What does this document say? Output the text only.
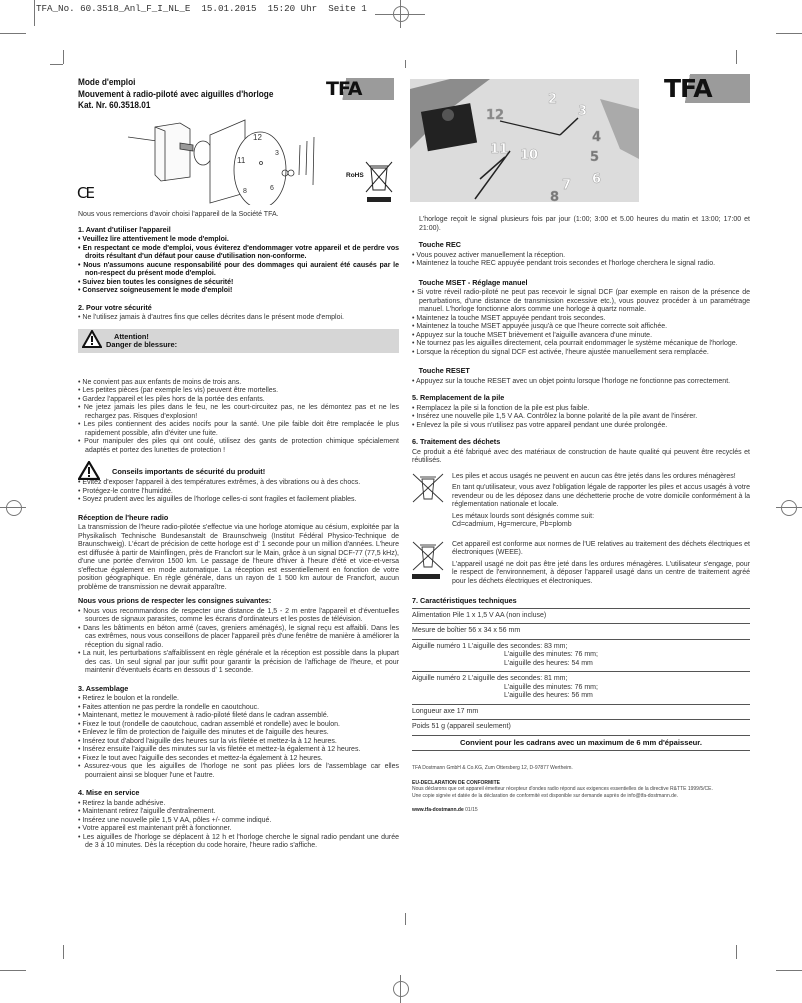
TFA_No. 60.3518_Anl_F_I_NL_E  15.01.2015  15:20 Uhr  Seite 1
Mode d'emploi
Mouvement à radio-piloté avec aiguilles d'horloge
Kat. Nr. 60.3518.01
TFA	TFA
11
12
3
6
8
CE
RoHS
12
2
3
4
5
6
7
10
11
8

Nous vous remercions d'avoir choisi l'appareil de la Société TFA.

1. Avant d'utiliser l'appareil
• Veuillez lire attentivement le mode d'emploi.
• En respectant ce mode d'emploi, vous éviterez d'endommager votre appareil et de perdre vos droits résultant d'un défaut pour cause d'utilisation non-conforme.
• Nous n'assumons aucune responsabilité pour des dommages qui auraient été causés par le non-respect du présent mode d'emploi.
• Suivez bien toutes les consignes de sécurité!
• Conservez soigneusement le mode d'emploi!
2. Pour votre sécurité
• Ne l'utilisez jamais à d'autres fins que celles décrites dans le présent mode d'emploi.
Attention!
Danger de blessure:
• Ne convient pas aux enfants de moins de trois ans.
• Les petites pièces (par exemple les vis) peuvent être mortelles.
• Gardez l'appareil et les piles hors de la portée des enfants.
• Ne jetez jamais les piles dans le feu, ne les court-circuitez pas, ne les démontez pas et ne les rechargez pas. Risques d'explosion!
• Les piles contiennent des acides nocifs pour la santé. Une pile faible doit être remplacée le plus rapidement possible, afin d'éviter une fuite.
• Pour manipuler des piles qui ont coulé, utilisez des gants de protection chimique spécialement adaptés et portez des lunettes de protection !
Conseils importants de sécurité du produit!
• Évitez d'exposer l'appareil à des températures extrêmes, à des vibrations ou à des chocs.
• Protégez-le contre l'humidité.
• Soyez prudent avec les aiguilles de l'horloge celles-ci sont fragiles et facilement pliables.
Réception de l'heure radio

La transmission de l'heure radio-pilotée s'effectue via une horloge atomique au césium, exploitée par la Physikalisch Technische Bundesanstalt de Braunschweig (Institut Fédéral Physico-Technique de Braunschweig). L'écart de précision de cette horloge est d' 1 seconde pour un million d'années. L'heure est diffusée à partir de Mainflingen, près de Francfort sur le Main, grâce à un signal DCF-77 (77,5 kHz), d'une une portée d'environ 1500 km. Le passage de l'heure d'hiver à l'heure d'été et vice-et-versa s'effectue également en mode automatique. La réception est essentiellement en fonction de votre position géographique. En règle générale, dans un rayon de 1 500 km autour de Francfort, aucun problème de transmission ne devrait apparaître.

Nous vous prions de respecter les consignes suivantes:
• Nous vous recommandons de respecter une distance de 1,5 - 2 m entre l'appareil et d'éventuelles sources de signaux parasites, comme les écrans d'ordinateurs et les postes de télévision.
• Dans les bâtiments en béton armé (caves, greniers aménagés), le signal reçu est affaibli. Dans les cas extrêmes, nous vous conseillons de placer l'appareil près d'une fenêtre de manière à améliorer la réception du signal radio.
• La nuit, les perturbations s'affaiblissent en règle générale et la réception est possible dans la plupart des cas. Un seul signal par jour suffit pour garantir la précision de l'affichage de l'heure, et pour maintenir d'éventuels écarts en dessous d' 1 seconde.
3. Assemblage
• Retirez le boulon et la rondelle.
• Faites attention ne pas perdre la rondelle en caoutchouc.
• Maintenant, mettez le mouvement à radio-piloté fileté dans le cadran assemblé.
• Fixez le tout (rondelle de caoutchouc, cadran assemblé et rondelle) avec le boulon.
• Enlevez le film de protection de l'aiguille des minutes et de l'aiguille des heures.
• Insérez tout d'abord l'aiguille des heures sur la vis filetée et mettez-la à 12 heures.
• Insérez ensuite l'aiguille des minutes sur la vis filetée et mettez-la également à 12 heures.
• Fixez le tout avec l'aiguille des secondes et mettez-la également à 12 heures.
• Assurez-vous que les aiguilles de l'horloge ne sont pas pliées lors de l'assemblage car elles pourraient ainsi se bloquer l'une et l'autre.
4. Mise en service
• Retirez la bande adhésive.
• Maintenant retirez l'aiguille d'entraînement.
• Insérez une nouvelle pile 1,5 V AA, pôles +/- comme indiqué.
• Votre appareil est maintenant prêt à fonctionner.
• Les aiguilles de l'horloge se déplacent à 12 h et l'horloge cherche le signal radio pendant une durée de 3 à 10 minutes. Dès la réception du code horaire, l'heure radio s'affiche.

L'horloge reçoit le signal plusieurs fois par jour (1:00; 3:00 et 5.00 heures du matin et 13:00; 17:00 et 21:00).

Touche REC
• Vous pouvez activer manuellement la réception.
• Maintenez la touche REC appuyée pendant trois secondes et l'horloge cherchera le signal radio.
Touche MSET - Réglage manuel
• Si votre réveil radio-piloté ne peut pas recevoir le signal DCF (par exemple en raison de la présence de perturbations, d'une distance de transmission excessive etc.), vous pouvez procéder à un paramétrage manuel. L'horloge fonctionne alors comme une horloge à quartz normale.
• Maintenez la touche MSET appuyée pendant trois secondes.
• Maintenez la touche MSET appuyée jusqu'à ce que l'heure correcte soit affichée.
• Appuyez sur la touche MSET brièvement et l'aiguille avancera d'une minute.
• Ne tournez pas les aiguilles directement, cela pourrait endommager le système mécanique de l'horloge.
• Lorsque la réception du signal DCF est activée, l'heure ajustée manuellement sera remplacée.
Touche RESET
• Appuyez sur la touche RESET avec un objet pointu lorsque l'horloge ne fonctionne pas correctement.
5. Remplacement de la pile
• Remplacez la pile si la fonction de la pile est plus faible.
• Insérez une nouvelle pile 1,5 V AA. Contrôlez la bonne polarité de la pile avant de l'insérer.
• Enlevez la pile si vous n'utilisez pas votre appareil pendant une durée prolongée.
6. Traitement des déchets

Ce produit a été fabriqué avec des matériaux de construction de haute qualité qui peuvent être recyclés et réutilisés.

Les piles et accus usagés ne peuvent en aucun cas être jetés dans les ordures ménagères!

En tant qu'utilisateur, vous avez l'obligation légale de rapporter les piles et accus usagés à votre revendeur ou de les déposez dans une déchetterie proche de votre domicile conformément à la réglementation nationale et locale.

Les métaux lourds sont désignés comme suit:

Cd=cadmium, Hg=mercure, Pb=plomb

Cet appareil est conforme aux normes de l'UE relatives au traitement des déchets électriques et électroniques (WEEE).

L'appareil usagé ne doit pas être jeté dans les ordures ménagères. L'utilisateur s'engage, pour le respect de l'environnement, à déposer l'appareil usagé dans un centre de traitement agréé pour les déchets électriques et électroniques.

7. Caractéristiques techniques
Alimentation Pile 1 x 1,5 V AA (non incluse)
Mesure de boîtier 56 x 34 x 56 mm
Aiguille numéro 1 L'aiguille des secondes: 83 mm;
L'aiguille des minutes: 76 mm;
L'aiguille des heures: 54 mm

Aiguille numéro 2 L'aiguille des secondes: 81 mm;
L'aiguille des minutes: 76 mm;
L'aiguille des heures: 56 mm

Longueur axe 17 mm
Poids 51 g (appareil seulement)
Convient pour les cadrans avec un maximum de 6 mm d'épaisseur.
TFA Dostmann GmbH & Co.KG, Zum Ottersberg 12, D-97877 Wertheim.
EU-DECLARATION DE CONFORMITE
Nous déclarons que cet appareil émetteur récepteur d'ondes radio répond aux exigences essentielles de la directive R&TTE 1999/5/CE.
Une copie signée et datée de la déclaration de conformité est disponible sur demande auprès de info@tfa-dostmann.de.
www.tfa-dostmann.de 01/15
